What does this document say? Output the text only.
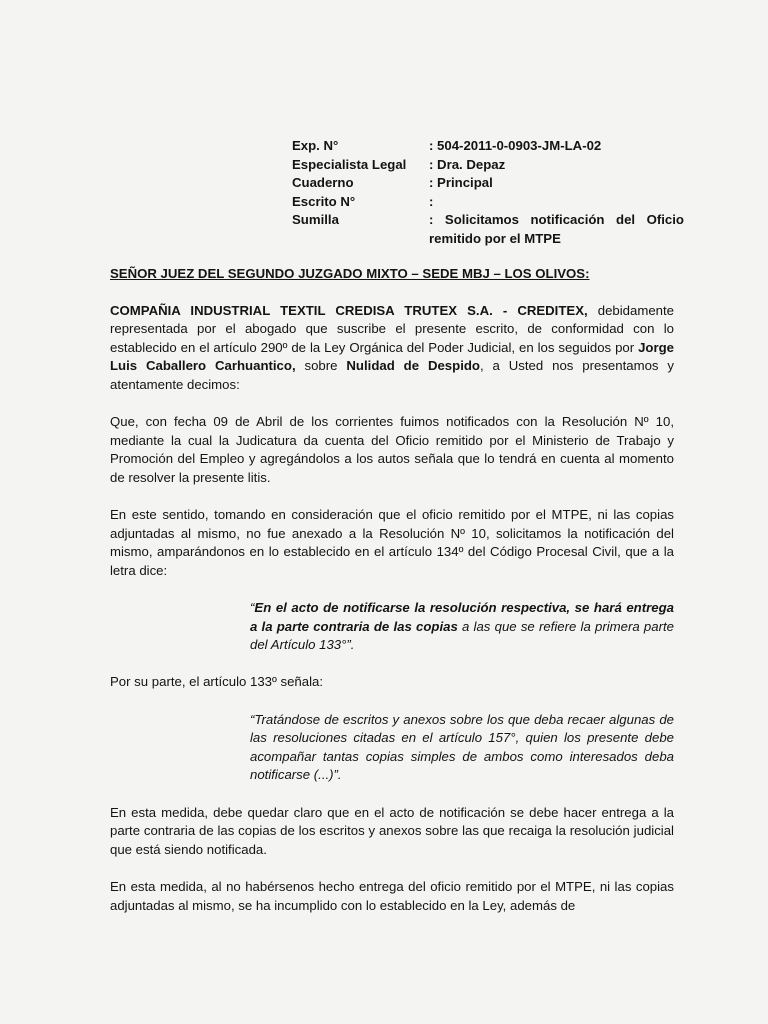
Exp. N°	: 504-2011-0-0903-JM-LA-02
Especialista Legal	: Dra. Depaz
Cuaderno	: Principal
Escrito N°	:
Sumilla	: Solicitamos notificación del Oficio
remitido por el MTPE
SEÑOR JUEZ DEL SEGUNDO JUZGADO MIXTO – SEDE MBJ – LOS OLIVOS:

COMPAÑIA INDUSTRIAL TEXTIL CREDISA TRUTEX S.A. - CREDITEX, debidamente representada por el abogado que suscribe el presente escrito, de conformidad con lo establecido en el artículo 290º de la Ley Orgánica del Poder Judicial, en los seguidos por Jorge Luis Caballero Carhuantico, sobre Nulidad de Despido, a Usted nos presentamos y atentamente decimos:

Que, con fecha 09 de Abril de los corrientes fuimos notificados con la Resolución Nº 10, mediante la cual la Judicatura da cuenta del Oficio remitido por el Ministerio de Trabajo y Promoción del Empleo y agregándolos a los autos señala que lo tendrá en cuenta al momento de resolver la presente litis.

En este sentido, tomando en consideración que el oficio remitido por el MTPE, ni las copias adjuntadas al mismo, no fue anexado a la Resolución Nº 10, solicitamos la notificación del mismo, amparándonos en lo establecido en el artículo 134º del Código Procesal Civil, que a la letra dice:

“En el acto de notificarse la resolución respectiva, se hará entrega a la parte contraria de las copias a las que se refiere la primera parte del Artículo 133°”.

Por su parte, el artículo 133º señala:

“Tratándose de escritos y anexos sobre los que deba recaer algunas de las resoluciones citadas en el artículo 157°, quien los presente debe acompañar tantas copias simples de ambos como interesados deba notificarse (...)”.

En esta medida, debe quedar claro que en el acto de notificación se debe hacer entrega a la parte contraria de las copias de los escritos y anexos sobre las que recaiga la resolución judicial que está siendo notificada.

En esta medida, al no habérsenos hecho entrega del oficio remitido por el MTPE, ni las copias adjuntadas al mismo, se ha incumplido con lo establecido en la Ley, además de
